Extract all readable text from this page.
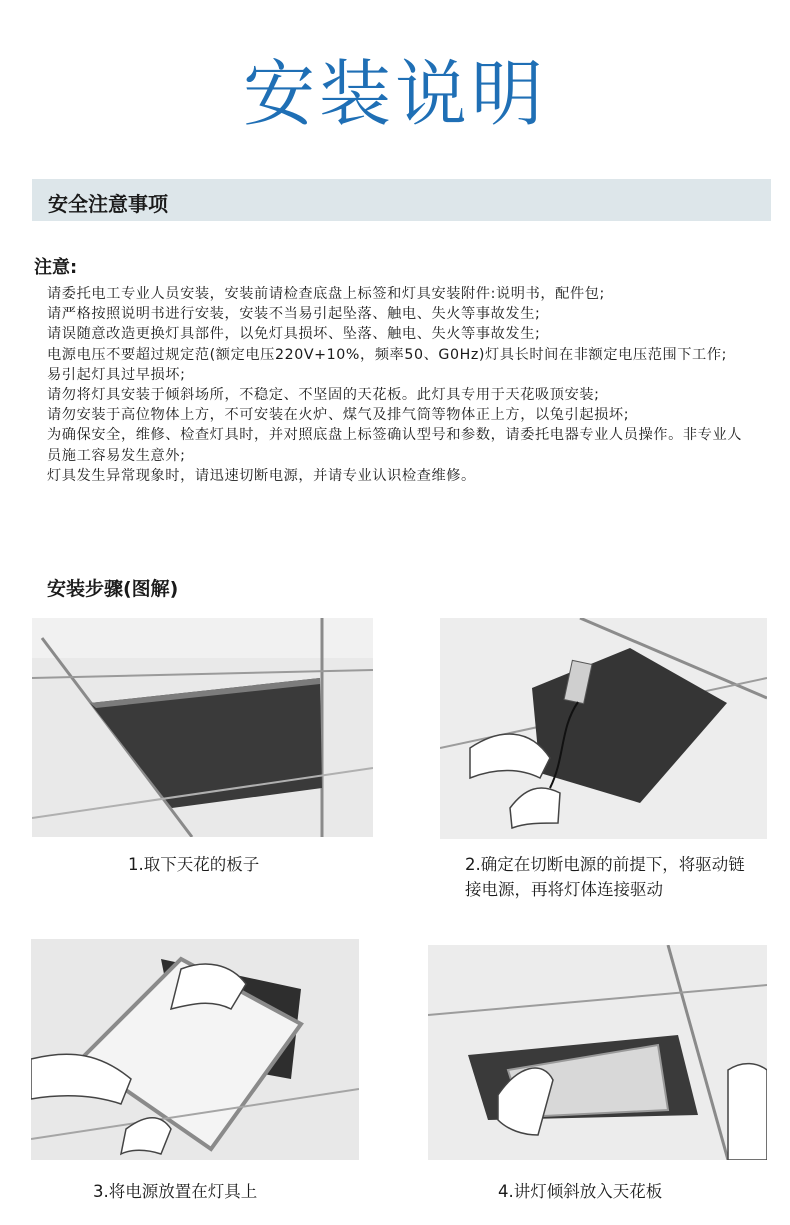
安装说明
安全注意事项
注意:

请委托电工专业人员安装，安装前请检查底盘上标签和灯具安装附件:说明书，配件包;

请严格按照说明书进行安装，安装不当易引起坠落、触电、失火等事故发生;

请误随意改造更换灯具部件，以免灯具损坏、坠落、触电、失火等事故发生;

电源电压不要超过规定范(额定电压220V+10%，频率50、G0Hz)灯具长时间在非额定电压范围下工作;

易引起灯具过早损坏;

请勿将灯具安装于倾斜场所，不稳定、不坚固的天花板。此灯具专用于天花吸顶安装;

请勿安装于高位物体上方，不可安装在火炉、煤气及排气筒等物体正上方，以兔引起损坏;

为确保安全，维修、检查灯具时，并对照底盘上标签确认型号和参数，请委托电器专业人员操作。非专业人员施工容易发生意外;

灯具发生异常现象时，请迅速切断电源，并请专业认识检查维修。

安装步骤(图解)
1.取下天花的板子	2.确定在切断电源的前提下，将驱动链接电源，再将灯体连接驱动
3.将电源放置在灯具上	4.讲灯倾斜放入天花板
